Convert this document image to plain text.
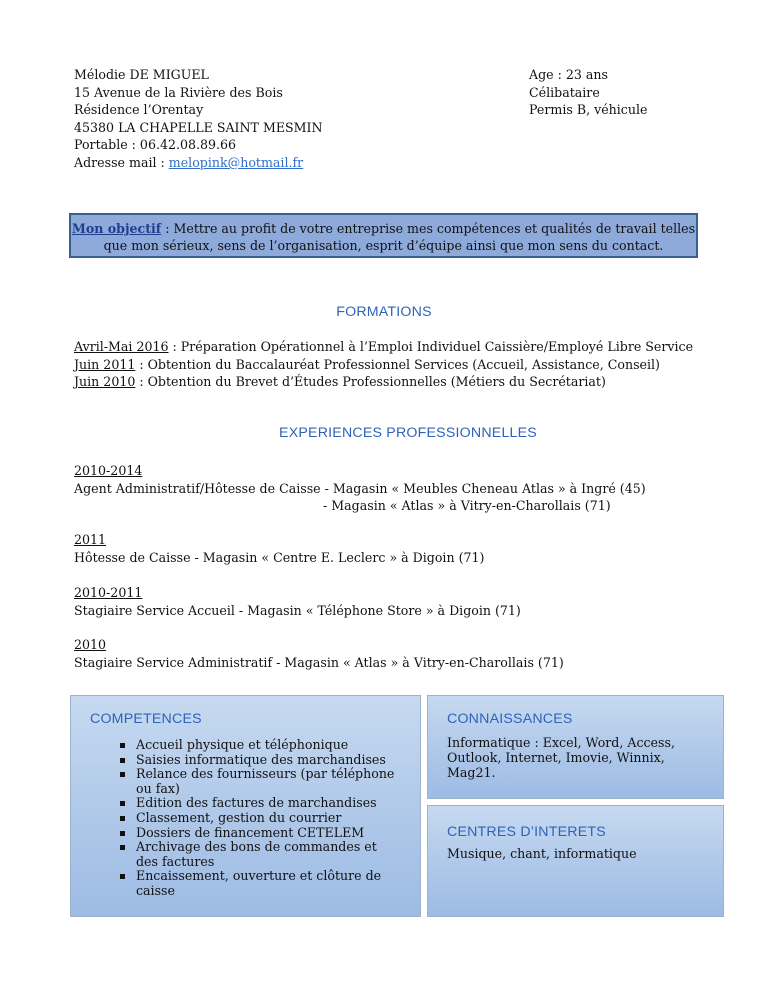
Mélodie DE MIGUEL
15 Avenue de la Rivière des Bois
Résidence l’Orentay
45380 LA CHAPELLE SAINT MESMIN
Portable : 06.42.08.89.66
Adresse mail : melopink@hotmail.fr
Age : 23 ans
Célibataire
Permis B, véhicule
Mon objectif : Mettre au profit de votre entreprise mes compétences et qualités de travail telles
que mon sérieux, sens de l’organisation, esprit d’équipe ainsi que mon sens du contact.
FORMATIONS
Avril-Mai 2016 : Préparation Opérationnel à l’Emploi Individuel Caissière/Employé Libre Service
Juin 2011 : Obtention du Baccalauréat Professionnel Services (Accueil, Assistance, Conseil)
Juin 2010 : Obtention du Brevet d’Études Professionnelles (Métiers du Secrétariat)
EXPERIENCES PROFESSIONNELLES
2010-2014
Agent Administratif/Hôtesse de Caisse - Magasin « Meubles Cheneau Atlas » à Ingré (45)
- Magasin « Atlas » à Vitry-en-Charollais (71)
2011
Hôtesse de Caisse - Magasin « Centre E. Leclerc » à Digoin (71)
2010-2011
Stagiaire Service Accueil - Magasin « Téléphone Store » à Digoin (71)
2010
Stagiaire Service Administratif - Magasin « Atlas » à Vitry-en-Charollais (71)
COMPETENCES
Accueil physique et téléphonique
Saisies informatique des marchandises
Relance des fournisseurs (par téléphone ou fax)
Edition des factures de marchandises
Classement, gestion du courrier
Dossiers de financement CETELEM
Archivage des bons de commandes et des factures
Encaissement, ouverture et clôture de caisse
CONNAISSANCES
Informatique : Excel, Word, Access,
Outlook, Internet, Imovie, Winnix,
Mag21.
CENTRES D’INTERETS
Musique, chant, informatique
